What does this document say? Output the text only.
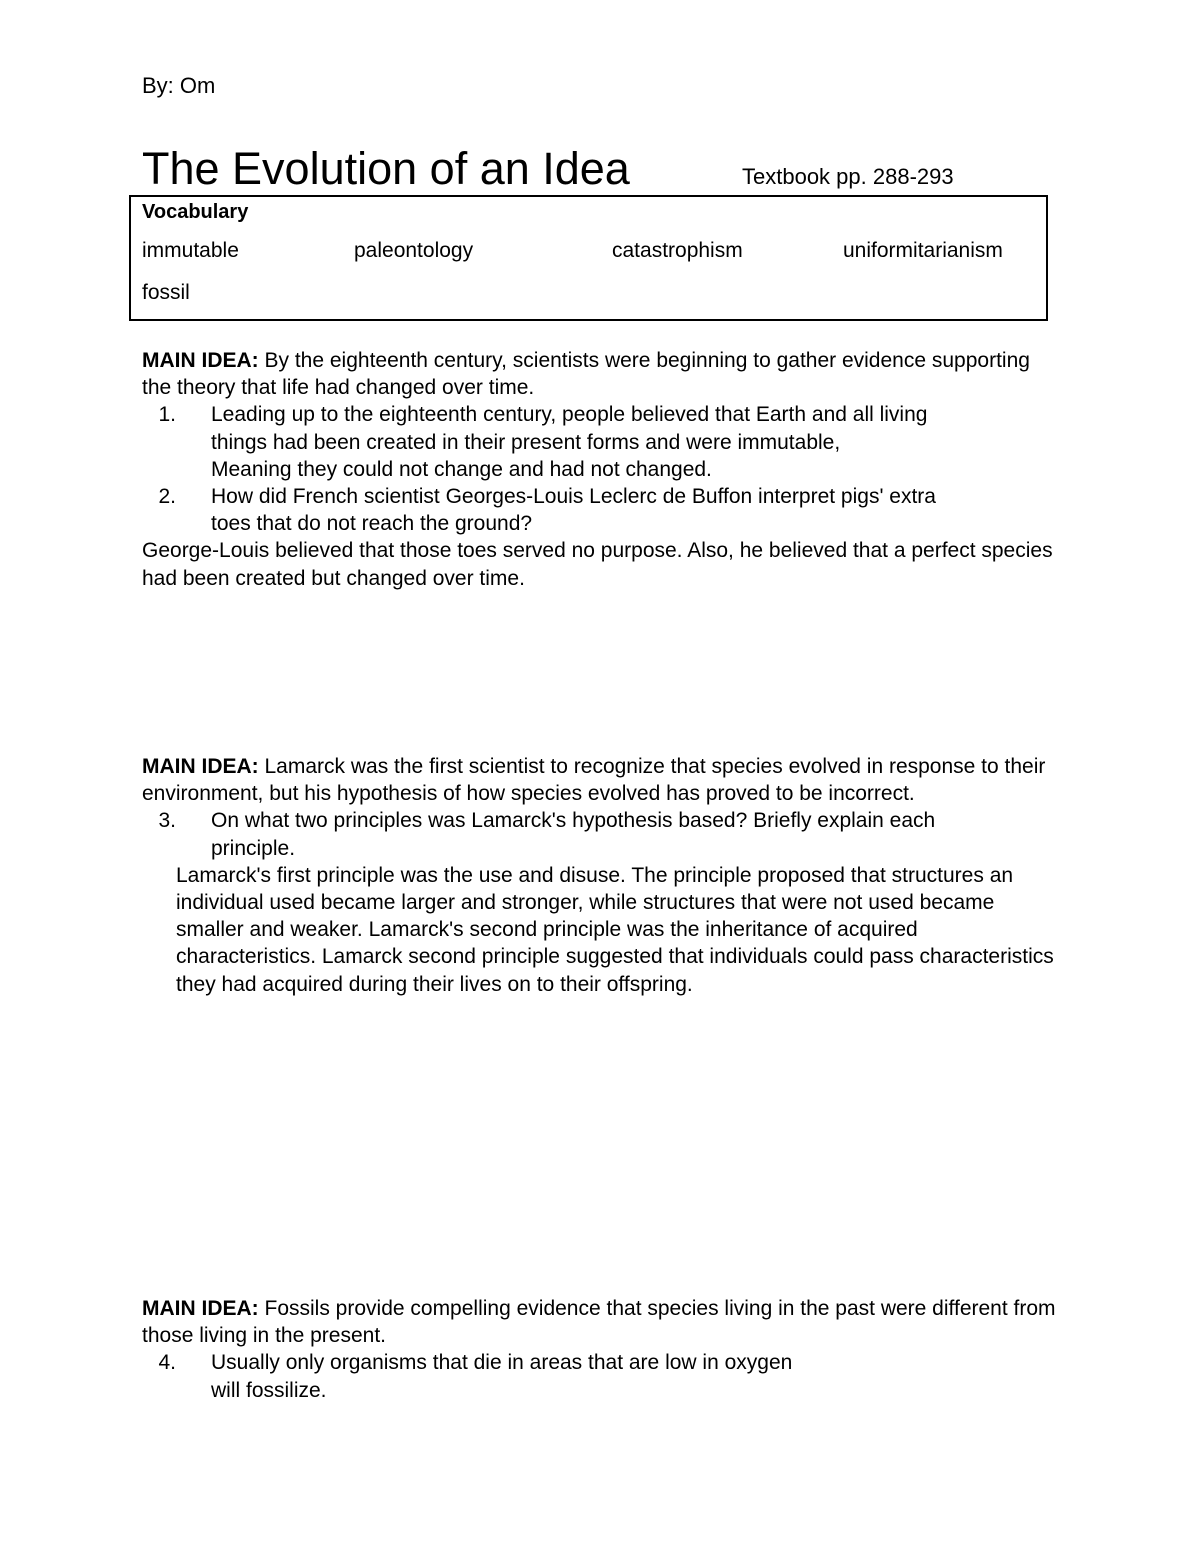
By: Om
The Evolution of an Idea	Textbook pp. 288-293
Vocabulary
immutable	paleontology	catastrophism	uniformitarianism
fossil

MAIN IDEA: By the eighteenth century, scientists were beginning to gather evidence supporting the theory that life had changed over time.

1.	Leading up to the eighteenth century, people believed that Earth and all living
things had been created in their present forms and were immutable,
Meaning they could not change and had not changed.
2.	How did French scientist Georges-Louis Leclerc de Buffon interpret pigs' extra
toes that do not reach the ground?

George-Louis believed that those toes served no purpose. Also, he believed that a perfect species had been created but changed over time.

MAIN IDEA: Lamarck was the first scientist to recognize that species evolved in response to their environment, but his hypothesis of how species evolved has proved to be incorrect.

3.	On what two principles was Lamarck's hypothesis based? Briefly explain each
principle.

Lamarck's first principle was the use and disuse. The principle proposed that structures an individual used became larger and stronger, while structures that were not used became smaller and weaker. Lamarck's second principle was the inheritance of acquired characteristics. Lamarck second principle suggested that individuals could pass characteristics they had acquired during their lives on to their offspring.

MAIN IDEA: Fossils provide compelling evidence that species living in the past were different from those living in the present.

4.	Usually only organisms that die in areas that are low in oxygen
will fossilize.
